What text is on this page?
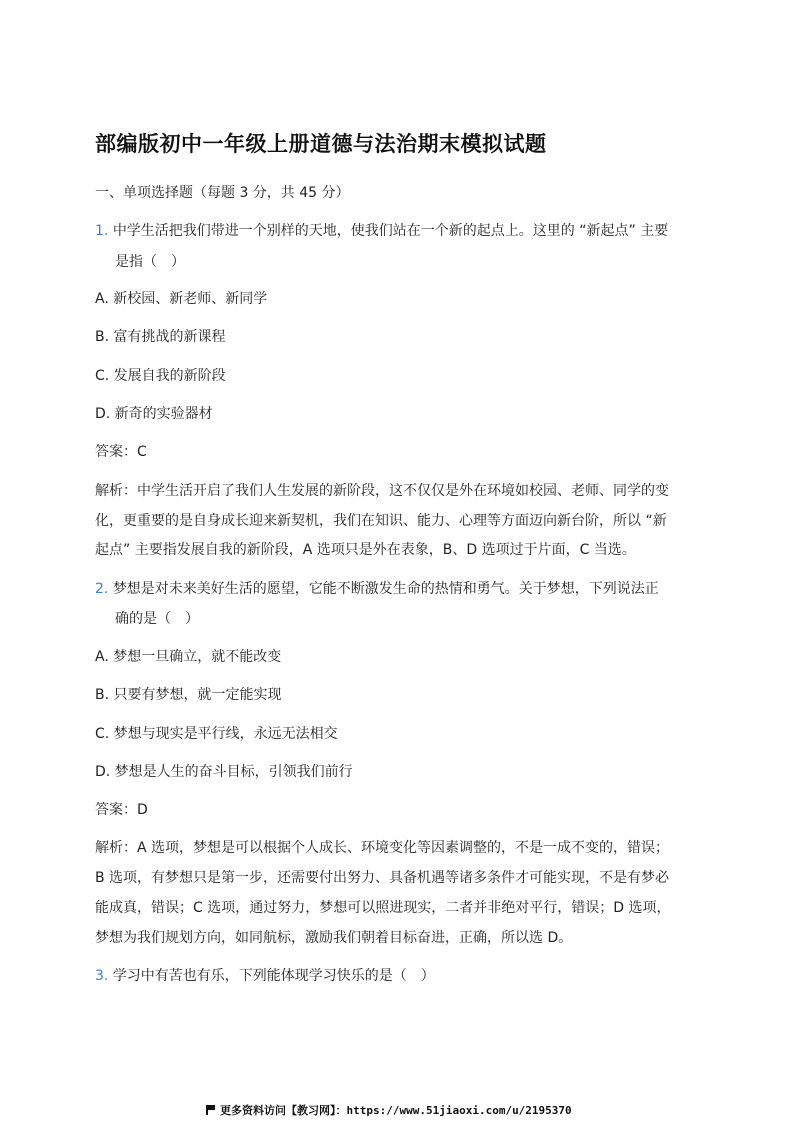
部编版初中一年级上册道德与法治期末模拟试题
一、单项选择题（每题 3 分，共 45 分）
1. 中学生活把我们带进一个别样的天地，使我们站在一个新的起点上。这里的 “新起点” 主要
是指（　）
A. 新校园、新老师、新同学
B. 富有挑战的新课程
C. 发展自我的新阶段
D. 新奇的实验器材
答案：C
解析：中学生活开启了我们人生发展的新阶段，这不仅仅是外在环境如校园、老师、同学的变
化，更重要的是自身成长迎来新契机，我们在知识、能力、心理等方面迈向新台阶，所以 “新
起点” 主要指发展自我的新阶段，A 选项只是外在表象，B、D 选项过于片面，C 当选。
2. 梦想是对未来美好生活的愿望，它能不断激发生命的热情和勇气。关于梦想，下列说法正
确的是（　）
A. 梦想一旦确立，就不能改变
B. 只要有梦想，就一定能实现
C. 梦想与现实是平行线，永远无法相交
D. 梦想是人生的奋斗目标，引领我们前行
答案：D
解析：A 选项，梦想是可以根据个人成长、环境变化等因素调整的，不是一成不变的，错误；
B 选项，有梦想只是第一步，还需要付出努力、具备机遇等诸多条件才可能实现，不是有梦必
能成真，错误；C 选项，通过努力，梦想可以照进现实，二者并非绝对平行，错误；D 选项，
梦想为我们规划方向，如同航标，激励我们朝着目标奋进，正确，所以选 D。
3. 学习中有苦也有乐，下列能体现学习快乐的是（　）
更多资料访问【教习网】：https://www.51jiaoxi.com/u/2195370
